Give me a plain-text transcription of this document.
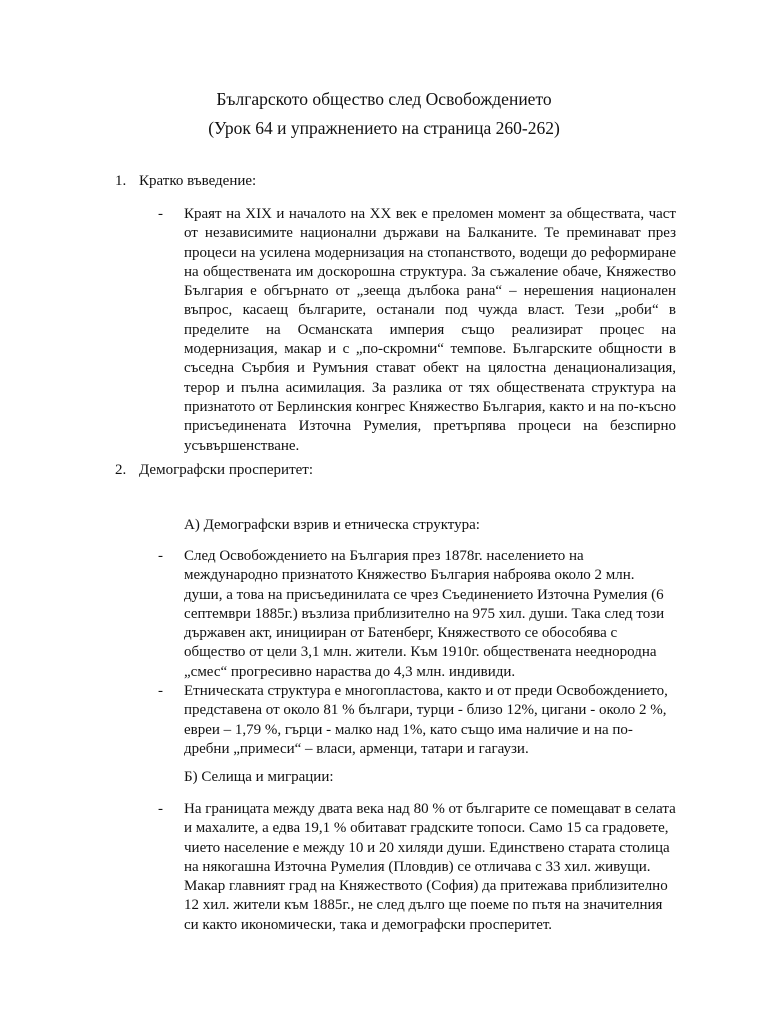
Българското общество след Освобождението
(Урок 64 и упражнението на страница 260-262)
1. Кратко въведение:
- Краят на XIX и началото на XX век е преломен момент за обществата, част от независимите национални държави на Балканите. Те преминават през процеси на усилена модернизация на стопанството, водещи до реформиране на обществената им доскорошна структура. За съжаление обаче, Княжество България е обгърнато от „зееща дълбока рана“ – нерешения национален въпрос, касаещ българите, останали под чужда власт. Тези „роби“ в пределите на Османската империя също реализират процес на модернизация, макар и с „по-скромни“ темпове. Българските общности в съседна Сърбия и Румъния стават обект на цялостна денационализация, терор и пълна асимилация. За разлика от тях обществената структура на признатото от Берлинския конгрес Княжество България, както и на по-късно присъединената Източна Румелия, претърпява процеси на безспирно усъвършенстване.

2. Демографски просперитет:
А) Демографски взрив и етническа структура:
- След Освобождението на България през 1878г. населението на международно признатото Княжество България наброява около 2 млн. души, а това на присъединилата се чрез Съединението Източна Румелия (6 септември 1885г.) възлиза приблизително на 975 хил. души. Така след този държавен акт, иницииран от Батенберг, Княжеството се обособява с общество от цели 3,1 млн. жители. Към 1910г. обществената нееднородна „смес“ прогресивно нараства до 4,3 млн. индивиди.

- Етническата структура е многопластова, както и от преди Освобождението, представена от около 81 % българи, турци - близо 12%, цигани - около 2 %, евреи – 1,79 %, гърци - малко над 1%, като също има наличие и на по-дребни „примеси“ – власи, арменци, татари и гагаузи.

Б) Селища и миграции:
- На границата между двата века над 80 % от българите се помещават в селата и махалите, а едва 19,1 % обитават градските топоси. Само 15 са градовете, чието население е между 10 и 20 хиляди души. Единствено старата столица на някогашна Източна Румелия (Пловдив) се отличава с 33 хил. живущи. Макар главният град на Княжеството (София) да притежава приблизително 12 хил. жители към 1885г., не след дълго ще поеме по пътя на значителния си както икономически, така и демографски просперитет.
